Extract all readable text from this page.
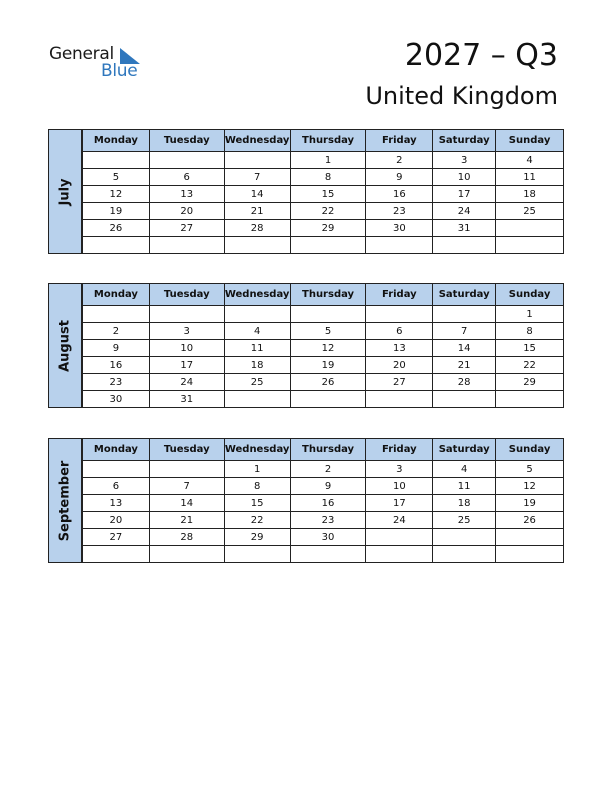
General
Blue	2027 – Q3
United Kingdom
July
Monday	Tuesday	Wednesday	Thursday	Friday	Saturday	Sunday
			1	2	3	4
5	6	7	8	9	10	11
12	13	14	15	16	17	18
19	20	21	22	23	24	25
26	27	28	29	30	31	

August
Monday	Tuesday	Wednesday	Thursday	Friday	Saturday	Sunday
						1
2	3	4	5	6	7	8
9	10	11	12	13	14	15
16	17	18	19	20	21	22
23	24	25	26	27	28	29
30	31					
September
Monday	Tuesday	Wednesday	Thursday	Friday	Saturday	Sunday
		1	2	3	4	5
6	7	8	9	10	11	12
13	14	15	16	17	18	19
20	21	22	23	24	25	26
27	28	29	30			
